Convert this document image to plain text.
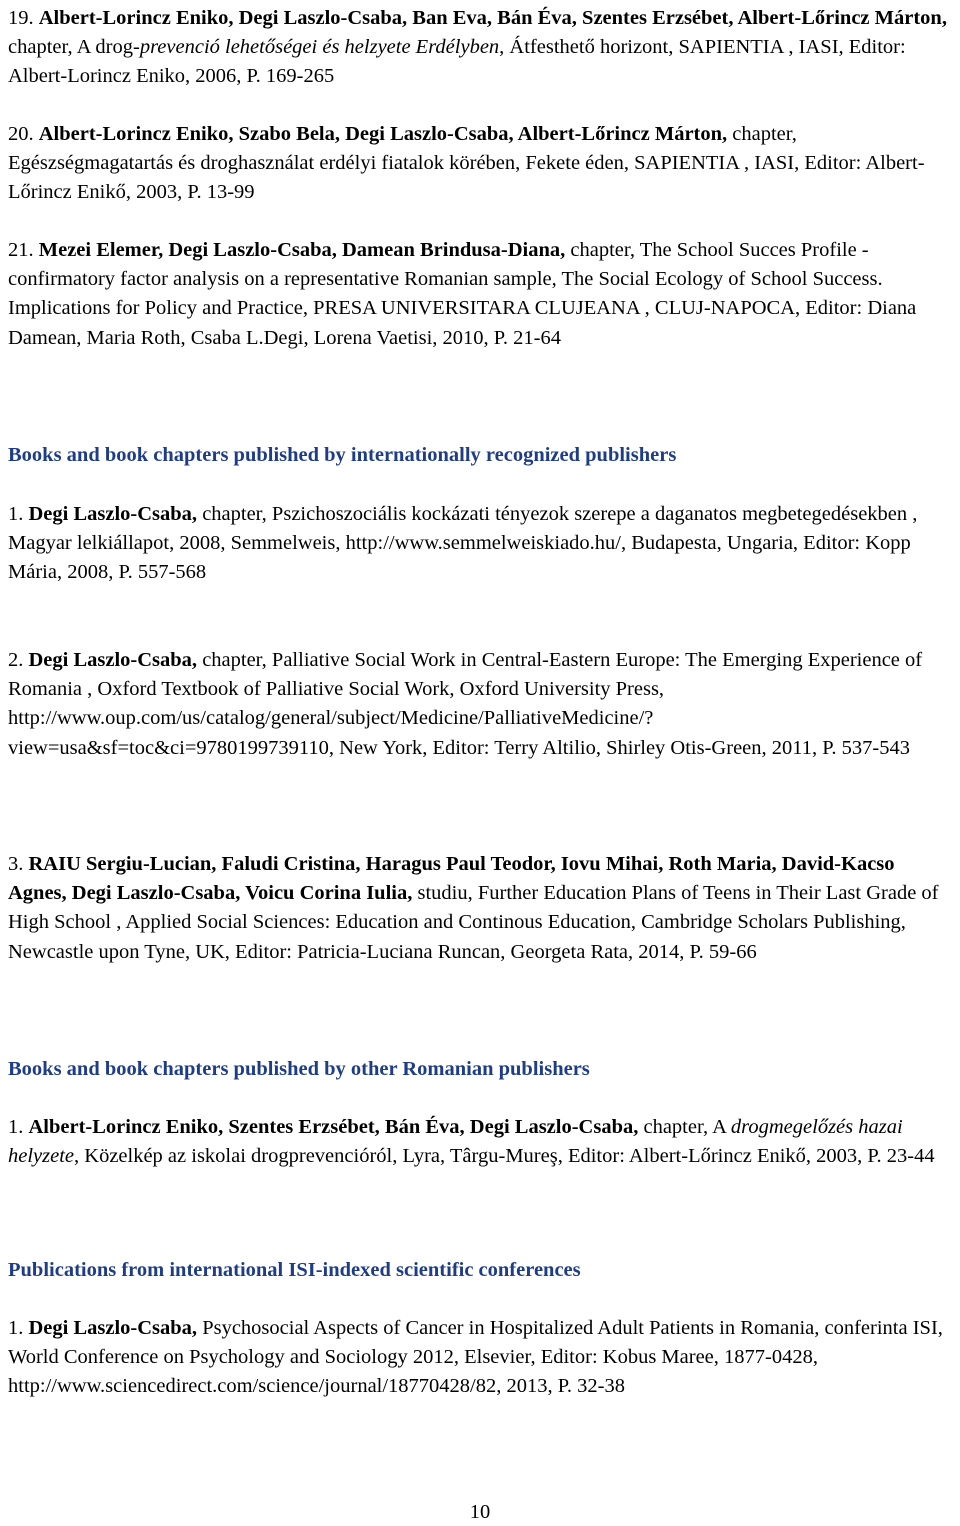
19. Albert-Lorincz Eniko, Degi Laszlo-Csaba, Ban Eva, Bán Éva, Szentes Erzsébet, Albert-Lőrincz Márton, chapter, A drog-prevenció lehetőségei és helzyete Erdélyben, Átfesthető horizont, SAPIENTIA , IASI, Editor: Albert-Lorincz Eniko, 2006, P. 169-265
20. Albert-Lorincz Eniko, Szabo Bela, Degi Laszlo-Csaba, Albert-Lőrincz Márton, chapter, Egészségmagatartás és droghasználat erdélyi fiatalok körében, Fekete éden, SAPIENTIA , IASI, Editor: Albert-Lőrincz Enikő, 2003, P. 13-99
21. Mezei Elemer, Degi Laszlo-Csaba, Damean Brindusa-Diana, chapter, The School Succes Profile - confirmatory factor analysis on a representative Romanian sample, The Social Ecology of School Success. Implications for Policy and Practice, PRESA UNIVERSITARA CLUJEANA , CLUJ-NAPOCA, Editor: Diana Damean, Maria Roth, Csaba L.Degi, Lorena Vaetisi, 2010, P. 21-64
Books and book chapters published by internationally recognized publishers
1. Degi Laszlo-Csaba, chapter, Pszichoszociális kockázati tényezok szerepe a daganatos megbetegedésekben , Magyar lelkiállapot, 2008, Semmelweis, http://www.semmelweiskiado.hu/, Budapesta, Ungaria, Editor: Kopp Mária, 2008, P. 557-568
2. Degi Laszlo-Csaba, chapter, Palliative Social Work in Central-Eastern Europe: The Emerging Experience of Romania , Oxford Textbook of Palliative Social Work, Oxford University Press, http://www.oup.com/us/catalog/general/subject/Medicine/PalliativeMedicine/?view=usa&sf=toc&ci=9780199739110, New York, Editor: Terry Altilio, Shirley Otis-Green, 2011, P. 537-543
3. RAIU Sergiu-Lucian, Faludi Cristina, Haragus Paul Teodor, Iovu Mihai, Roth Maria, David-Kacso Agnes, Degi Laszlo-Csaba, Voicu Corina Iulia, studiu, Further Education Plans of Teens in Their Last Grade of High School , Applied Social Sciences: Education and Continous Education, Cambridge Scholars Publishing, Newcastle upon Tyne, UK, Editor: Patricia-Luciana Runcan, Georgeta Rata, 2014, P. 59-66
Books and book chapters published by other Romanian publishers
1. Albert-Lorincz Eniko, Szentes Erzsébet, Bán Éva, Degi Laszlo-Csaba, chapter, A drogmegelőzés hazai helyzete, Közelkép az iskolai drogprevencióról, Lyra, Târgu-Mureş, Editor: Albert-Lőrincz Enikő, 2003, P. 23-44
Publications from international ISI-indexed scientific conferences
1. Degi Laszlo-Csaba, Psychosocial Aspects of Cancer in Hospitalized Adult Patients in Romania, conferinta ISI, World Conference on Psychology and Sociology 2012, Elsevier, Editor: Kobus Maree, 1877-0428, http://www.sciencedirect.com/science/journal/18770428/82, 2013, P. 32-38
10
